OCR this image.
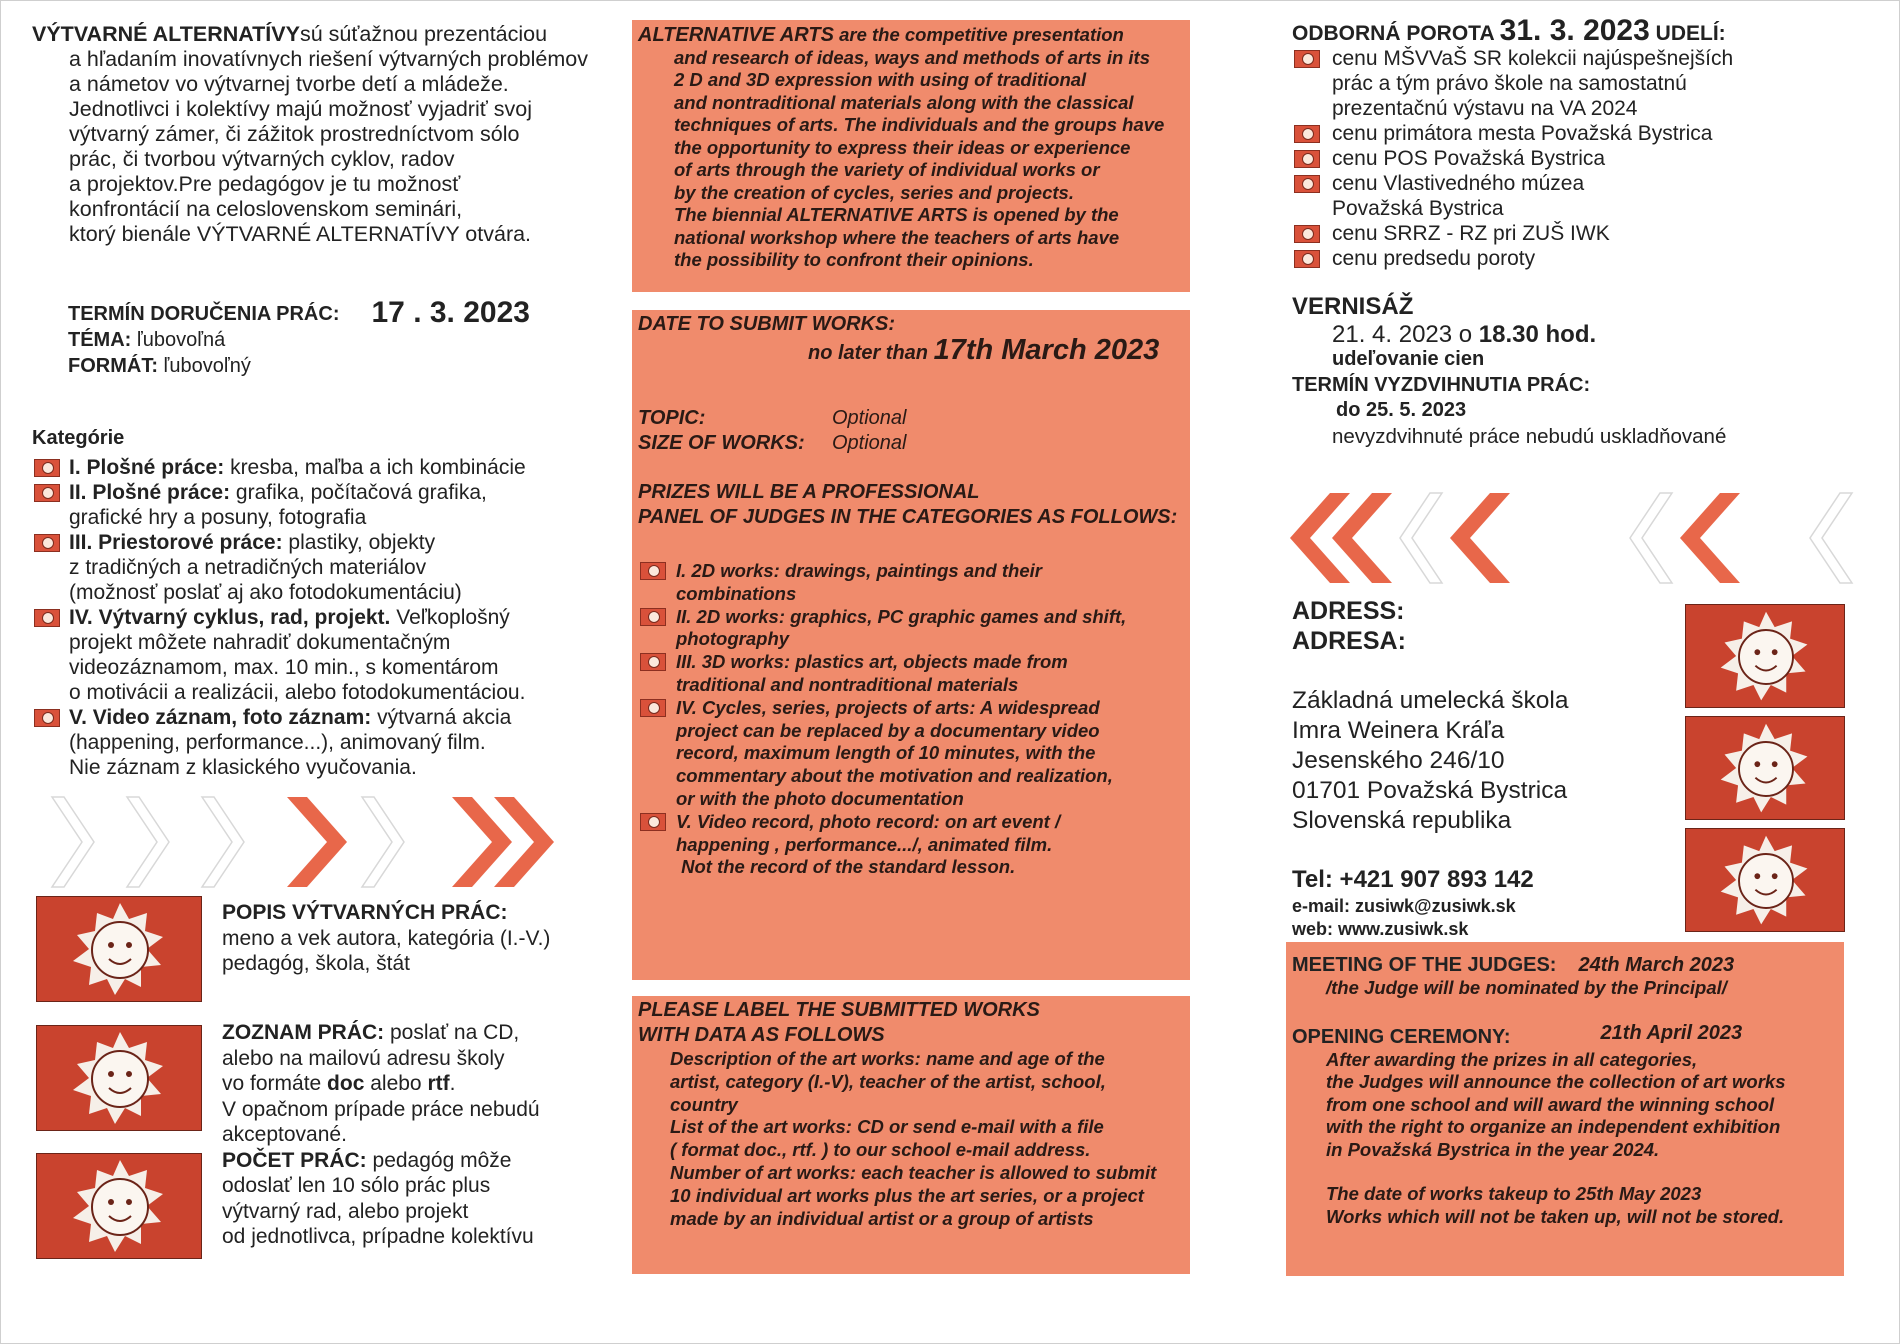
VÝTVARNÉ ALTERNATÍVYsú súťažnou prezentáciou
a hľadaním inovatívnych riešení výtvarných problémov
a námetov vo výtvarnej tvorbe detí a mládeže.
Jednotlivci i kolektívy majú možnosť vyjadriť svoj
výtvarný zámer, či zážitok prostredníctvom sólo
prác, či tvorbou výtvarných cyklov, radov
a projektov.Pre pedagógov je tu možnosť
konfrontácií na celoslovenskom seminári,
ktorý bienále VÝTVARNÉ ALTERNATÍVY otvára.
TERMÍN DORUČENIA PRÁC: 17 . 3. 2023
TÉMA: ľubovoľná
FORMÁT: ľubovoľný
Kategórie
I. Plošné práce: kresba, maľba a ich kombinácie
II. Plošné práce: grafika, počítačová grafika,
grafické hry a posuny, fotografia
III. Priestorové práce: plastiky, objekty
z tradičných a netradičných materiálov
(možnosť poslať aj ako fotodokumentáciu)
IV. Výtvarný cyklus, rad, projekt. Veľkoplošný
projekt môžete nahradiť dokumentačným
videozáznamom, max. 10 min., s komentárom
o motivácii a realizácii, alebo fotodokumentáciou.
V. Video záznam, foto záznam: výtvarná akcia
(happening, performance...), animovaný film.
Nie záznam z klasického vyučovania.
POPIS VÝTVARNÝCH PRÁC:
meno a vek autora, kategória (I.-V.)
pedagóg, škola, štát
ZOZNAM PRÁC: poslať na CD,
alebo na mailovú adresu školy
vo formáte doc alebo rtf.
V opačnom prípade práce nebudú
akceptované.
POČET PRÁC: pedagóg môže
odoslať len 10 sólo prác plus
výtvarný rad, alebo projekt
od jednotlivca, prípadne kolektívu
ALTERNATIVE ARTS are the competitive presentation
and research of ideas, ways and methods of arts in its
2 D and 3D expression with using of traditional
and nontraditional materials along with the classical
techniques of arts. The individuals and the groups have
the opportunity to express their ideas or experience
of arts through the variety of individual works or
by the creation of cycles, series and projects.
The biennial ALTERNATIVE ARTS is opened by the
national workshop where the teachers of arts have
the possibility to confront their opinions.
DATE TO SUBMIT WORKS:
no later than 17th March 2023
TOPIC:	Optional
SIZE OF WORKS: Optional
PRIZES WILL BE A PROFESSIONAL
PANEL OF JUDGES IN THE CATEGORIES AS FOLLOWS:
I. 2D works: drawings, paintings and their
combinations
II. 2D works: graphics, PC graphic games and shift,
photography
III. 3D works: plastics art, objects made from
traditional and nontraditional materials
IV. Cycles, series, projects of arts: A widespread
project can be replaced by a documentary video
record, maximum length of 10 minutes, with the
commentary about the motivation and realization,
or with the photo documentation
V. Video record, photo record: on art event /
happening , performance.../, animated film.
Not the record of the standard lesson.
PLEASE LABEL THE SUBMITTED WORKS
WITH DATA AS FOLLOWS
Description of the art works: name and age of the
artist, category (I.-V), teacher of the artist, school,
country
List of the art works: CD or send e-mail with a file
( format doc., rtf. ) to our school e-mail address.
Number of art works: each teacher is allowed to submit
10 individual art works plus the art series, or a project
made by an individual artist or a group of artists
ODBORNÁ POROTA 31. 3. 2023 UDELÍ:
cenu MŠVVaŠ SR kolekcii najúspešnejších
prác a tým právo škole na samostatnú
prezentačnú výstavu na VA 2024
cenu primátora mesta Považská Bystrica
cenu POS Považská Bystrica
cenu Vlastivedného múzea
Považská Bystrica
cenu SRRZ - RZ pri ZUŠ IWK
cenu predsedu poroty
VERNISÁŽ
21. 4. 2023 o 18.30 hod.
udeľovanie cien
TERMÍN VYZDVIHNUTIA PRÁC:
do 25. 5. 2023
nevyzdvihnuté práce nebudú uskladňované
ADRESS:
ADRESA:
Základná umelecká škola
Imra Weinera Kráľa
Jesenského 246/10
01701 Považská Bystrica
Slovenská republika
Tel: +421 907 893 142
e-mail: zusiwk@zusiwk.sk
web: www.zusiwk.sk
MEETING OF THE JUDGES: 24th March 2023
/the Judge will be nominated by the Principal/
OPENING CEREMONY:	21th April 2023
After awarding the prizes in all categories,
the Judges will announce the collection of art works
from one school and will award the winning school
with the right to organize an independent exhibition
in Považská Bystrica in the year 2024.
The date of works takeup to 25th May 2023
Works which will not be taken up, will not be stored.
